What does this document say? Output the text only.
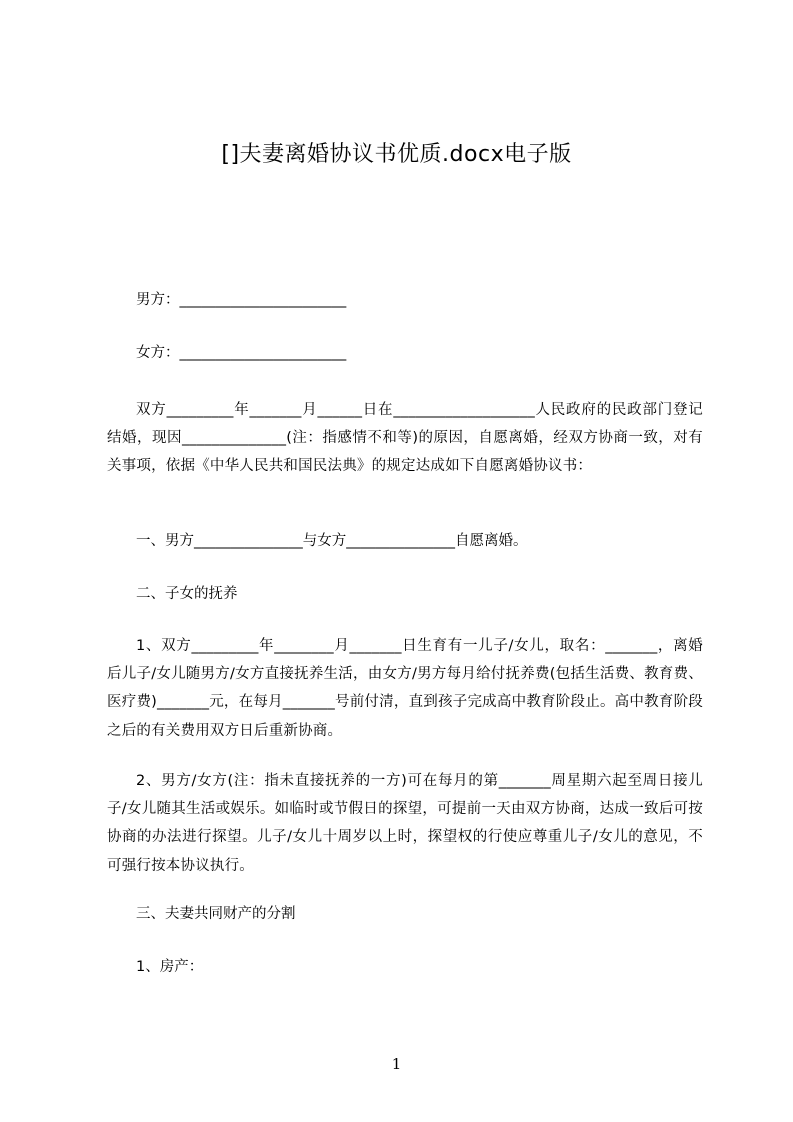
[]夫妻离婚协议书优质.docx电子版
男方：_______________________
女方：_______________________
双方_________年_______月______日在___________________人民政府的民政部门登记结婚，现因______________(注：指感情不和等)的原因，自愿离婚，经双方协商一致，对有关事项，依据《中华人民共和国民法典》的规定达成如下自愿离婚协议书：
一、男方_______________与女方_______________自愿离婚。
二、子女的抚养
1、双方_________年________月_______日生育有一儿子/女儿，取名：_______，离婚后儿子/女儿随男方/女方直接抚养生活，由女方/男方每月给付抚养费(包括生活费、教育费、医疗费)_______元，在每月_______号前付清，直到孩子完成高中教育阶段止。高中教育阶段之后的有关费用双方日后重新协商。
2、男方/女方(注：指未直接抚养的一方)可在每月的第_______周星期六起至周日接儿子/女儿随其生活或娱乐。如临时或节假日的探望，可提前一天由双方协商，达成一致后可按协商的办法进行探望。儿子/女儿十周岁以上时，探望权的行使应尊重儿子/女儿的意见，不可强行按本协议执行。
三、夫妻共同财产的分割
1、房产：
1
